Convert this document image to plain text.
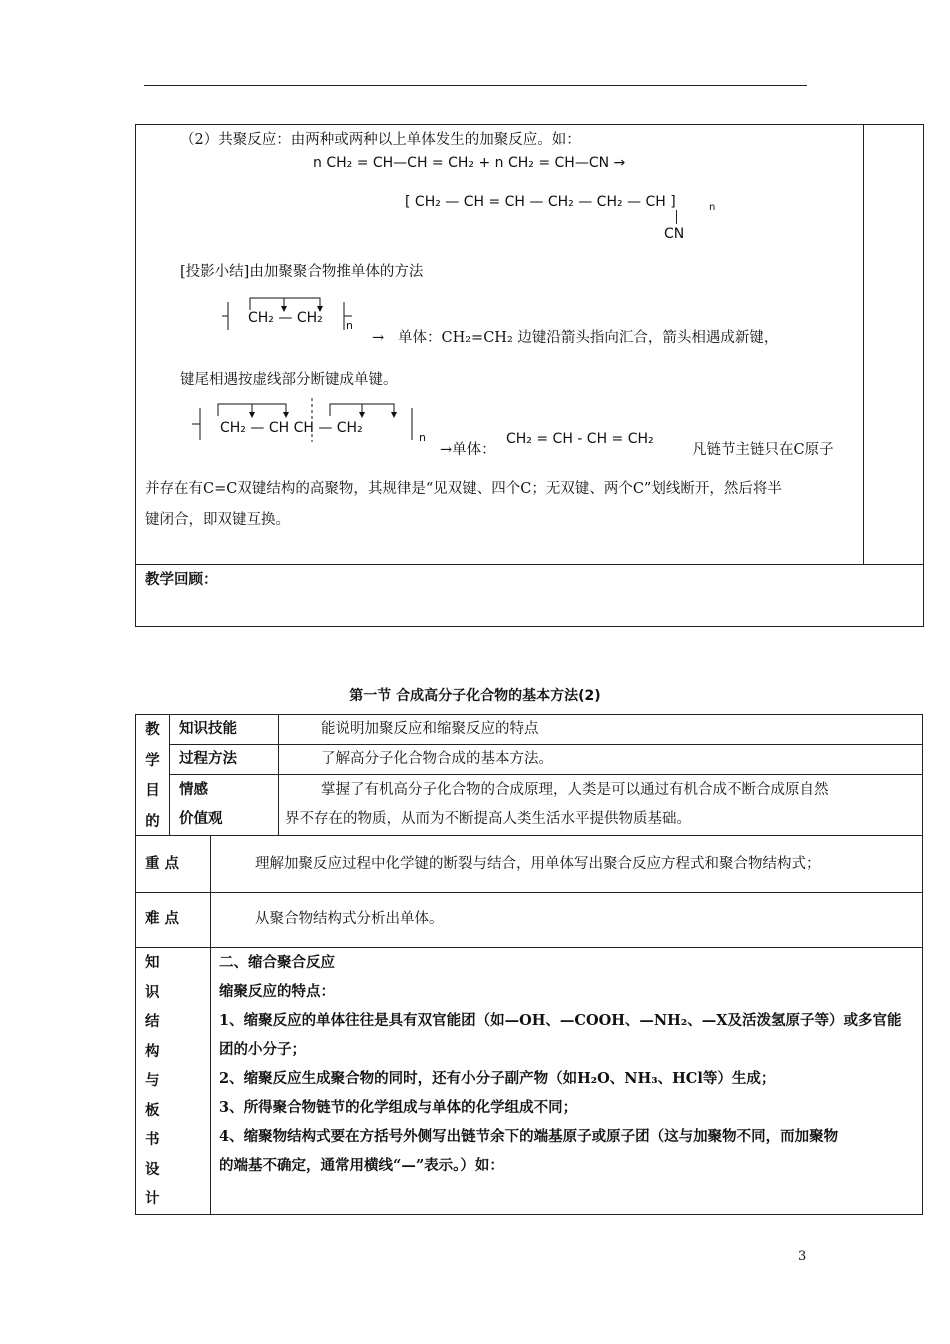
（2）共聚反应：由两种或两种以上单体发生的加聚反应。如：
n CH₂ = CH—CH = CH₂ + n CH₂ = CH—CN →
[ CH₂ — CH = CH — CH₂ — CH₂ — CH ]	n
CN
[投影小结]由加聚聚合物推单体的方法
CH₂ — CH₂ n
→ 单体：CH₂=CH₂ 边键沿箭头指向汇合，箭头相遇成新键，
键尾相遇按虚线部分断键成单键。
CH₂ — CH CH — CH₂
n
→单体：
CH₂ = CH - CH = CH₂
凡链节主链只在C原子
并存在有C=C双键结构的高聚物，其规律是“见双键、四个C；无双键、两个C”划线断开，然后将半
键闭合，即双键互换。
教学回顾：
第一节 合成高分子化合物的基本方法(2)
教
学
目
的
知识技能	能说明加聚反应和缩聚反应的特点
过程方法	了解高分子化合物合成的基本方法。
情感
价值观
掌握了有机高分子化合物的合成原理，人类是可以通过有机合成不断合成原自然
界不存在的物质，从而为不断提高人类生活水平提供物质基础。
重 点	理解加聚反应过程中化学键的断裂与结合，用单体写出聚合反应方程式和聚合物结构式；
难 点	从聚合物结构式分析出单体。
知
识
结
构
与
板
书
设
计
二、缩合聚合反应
缩聚反应的特点：
1、缩聚反应的单体往往是具有双官能团（如—OH、—COOH、—NH₂、—X及活泼氢原子等）或多官能
团的小分子；
2、缩聚反应生成聚合物的同时，还有小分子副产物（如H₂O、NH₃、HCl等）生成；
3、所得聚合物链节的化学组成与单体的化学组成不同；
4、缩聚物结构式要在方括号外侧写出链节余下的端基原子或原子团（这与加聚物不同，而加聚物
的端基不确定，通常用横线“—”表示。）如：
3
